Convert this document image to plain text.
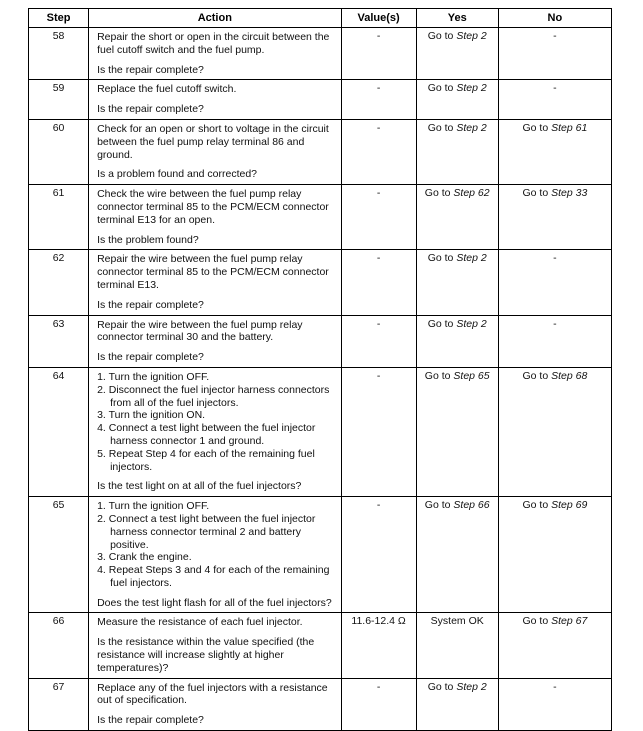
Step	Action	Value(s)	Yes	No
58	Repair the short or open in the circuit between the fuel cutoff switch and the fuel pump.
Is the repair complete?	-	Go to Step 2	-
59	Replace the fuel cutoff switch.
Is the repair complete?	-	Go to Step 2	-
60	Check for an open or short to voltage in the circuit between the fuel pump relay terminal 86 and ground.
Is a problem found and corrected?	-	Go to Step 2	Go to Step 61
61	Check the wire between the fuel pump relay connector terminal 85 to the PCM/ECM connector terminal E13 for an open.
Is the problem found?	-	Go to Step 62	Go to Step 33
62	Repair the wire between the fuel pump relay connector terminal 85 to the PCM/ECM connector terminal E13.
Is the repair complete?	-	Go to Step 2	-
63	Repair the wire between the fuel pump relay connector terminal 30 and the battery.
Is the repair complete?	-	Go to Step 2	-
64	1. Turn the ignition OFF.
2. Disconnect the fuel injector harness connectors from all of the fuel injectors.
3. Turn the ignition ON.
4. Connect a test light between the fuel injector harness connector 1 and ground.
5. Repeat Step 4 for each of the remaining fuel injectors.
Is the test light on at all of the fuel injectors?
	-	Go to Step 65	Go to Step 68
65	1. Turn the ignition OFF.
2. Connect a test light between the fuel injector harness connector terminal 2 and battery positive.
3. Crank the engine.
4. Repeat Steps 3 and 4 for each of the remaining fuel injectors.
Does the test light flash for all of the fuel injectors?	-	Go to Step 66	Go to Step 69
66	Measure the resistance of each fuel injector.
Is the resistance within the value specified (the resistance will increase slightly at higher temperatures)?	11.6-12.4 Ω	System OK	Go to Step 67
67	Replace any of the fuel injectors with a resistance out of specification.
Is the repair complete?	-	Go to Step 2	-
